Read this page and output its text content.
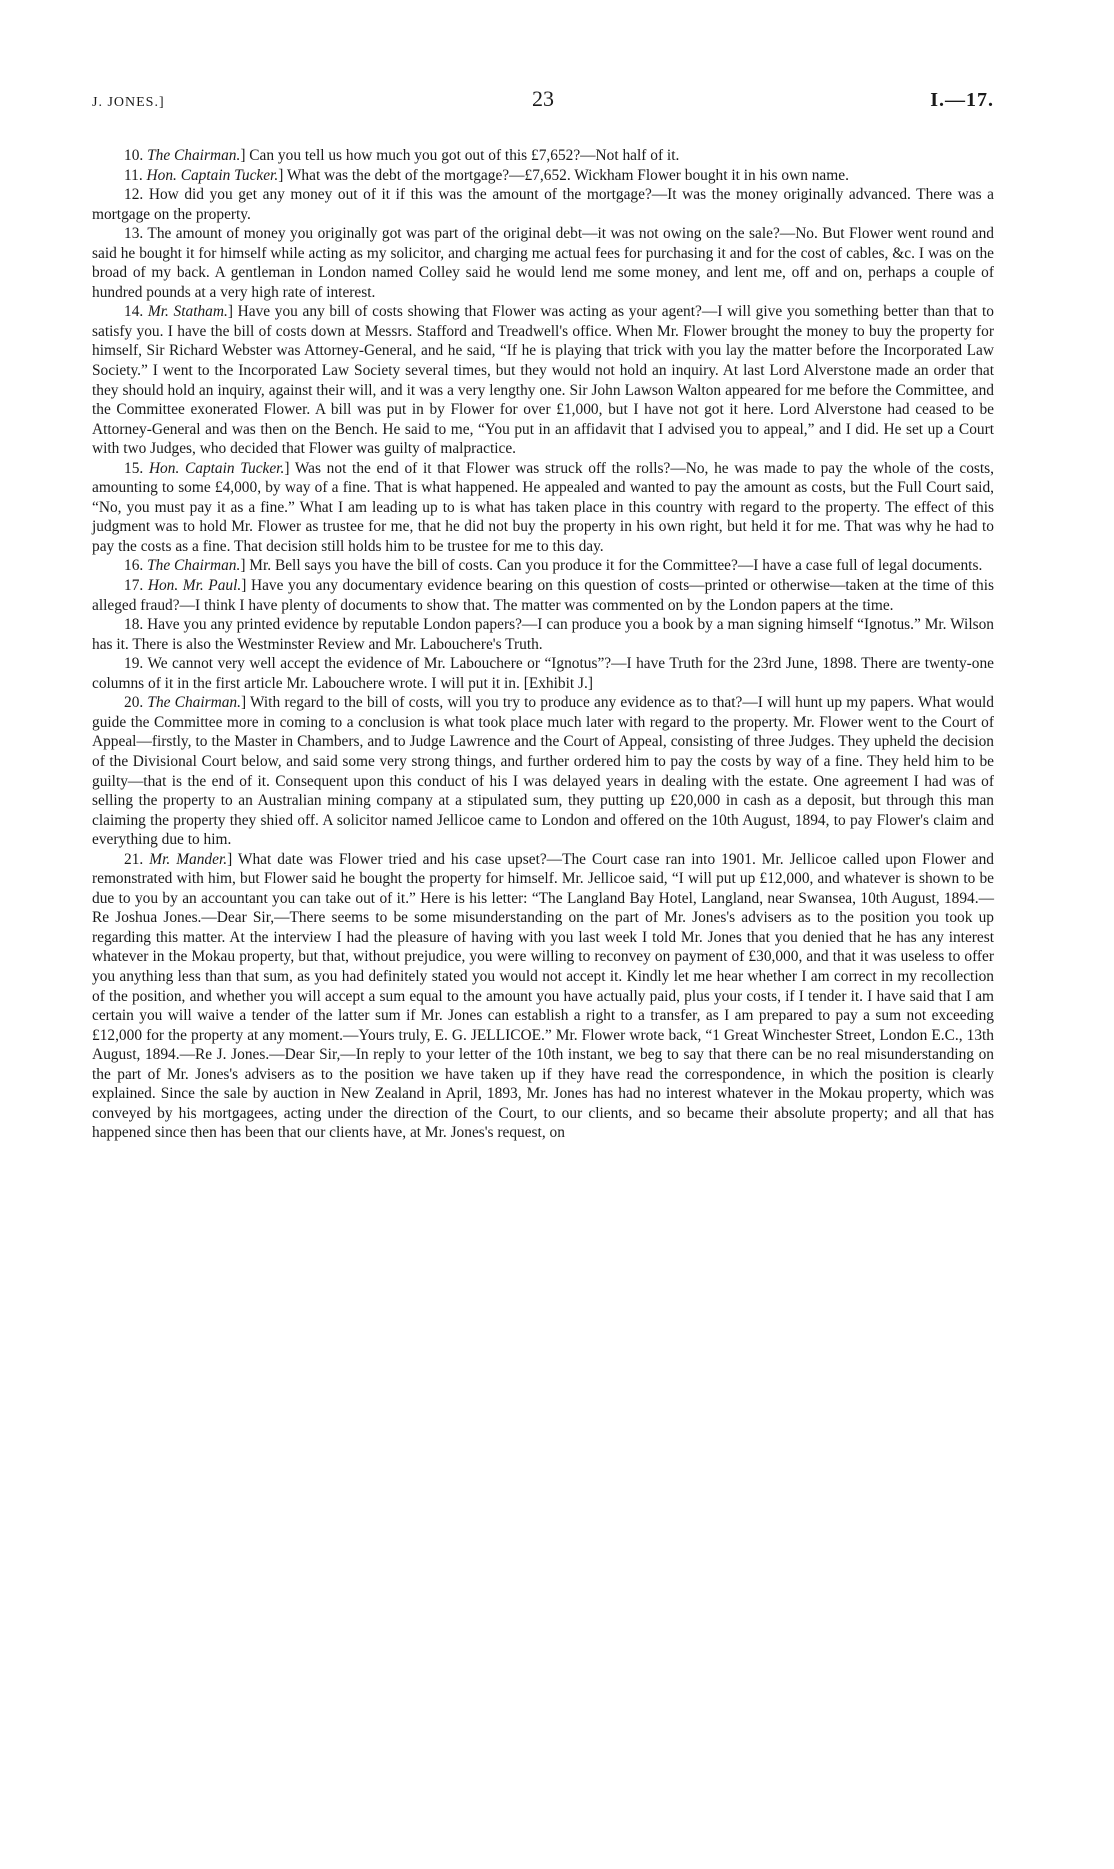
J. JONES.]	23	I.—17.

10. The Chairman.] Can you tell us how much you got out of this £7,652?—Not half of it.

11. Hon. Captain Tucker.] What was the debt of the mortgage?—£7,652. Wickham Flower bought it in his own name.

12. How did you get any money out of it if this was the amount of the mortgage?—It was the money originally advanced. There was a mortgage on the property.

13. The amount of money you originally got was part of the original debt—it was not owing on the sale?—No. But Flower went round and said he bought it for himself while acting as my solicitor, and charging me actual fees for purchasing it and for the cost of cables, &c. I was on the broad of my back. A gentleman in London named Colley said he would lend me some money, and lent me, off and on, perhaps a couple of hundred pounds at a very high rate of interest.

14. Mr. Statham.] Have you any bill of costs showing that Flower was acting as your agent?—I will give you something better than that to satisfy you. I have the bill of costs down at Messrs. Stafford and Treadwell's office. When Mr. Flower brought the money to buy the property for himself, Sir Richard Webster was Attorney-General, and he said, “If he is playing that trick with you lay the matter before the Incorporated Law Society.” I went to the Incorporated Law Society several times, but they would not hold an inquiry. At last Lord Alverstone made an order that they should hold an inquiry, against their will, and it was a very lengthy one. Sir John Lawson Walton appeared for me before the Committee, and the Committee exonerated Flower. A bill was put in by Flower for over £1,000, but I have not got it here. Lord Alverstone had ceased to be Attorney-General and was then on the Bench. He said to me, “You put in an affidavit that I advised you to appeal,” and I did. He set up a Court with two Judges, who decided that Flower was guilty of malpractice.

15. Hon. Captain Tucker.] Was not the end of it that Flower was struck off the rolls?—No, he was made to pay the whole of the costs, amounting to some £4,000, by way of a fine. That is what happened. He appealed and wanted to pay the amount as costs, but the Full Court said, “No, you must pay it as a fine.” What I am leading up to is what has taken place in this country with regard to the property. The effect of this judgment was to hold Mr. Flower as trustee for me, that he did not buy the property in his own right, but held it for me. That was why he had to pay the costs as a fine. That decision still holds him to be trustee for me to this day.

16. The Chairman.] Mr. Bell says you have the bill of costs. Can you produce it for the Committee?—I have a case full of legal documents.

17. Hon. Mr. Paul.] Have you any documentary evidence bearing on this question of costs—printed or otherwise—taken at the time of this alleged fraud?—I think I have plenty of documents to show that. The matter was commented on by the London papers at the time.

18. Have you any printed evidence by reputable London papers?—I can produce you a book by a man signing himself “Ignotus.” Mr. Wilson has it. There is also the Westminster Review and Mr. Labouchere's Truth.

19. We cannot very well accept the evidence of Mr. Labouchere or “Ignotus”?—I have Truth for the 23rd June, 1898. There are twenty-one columns of it in the first article Mr. Labouchere wrote. I will put it in. [Exhibit J.]

20. The Chairman.] With regard to the bill of costs, will you try to produce any evidence as to that?—I will hunt up my papers. What would guide the Committee more in coming to a conclusion is what took place much later with regard to the property. Mr. Flower went to the Court of Appeal—firstly, to the Master in Chambers, and to Judge Lawrence and the Court of Appeal, consisting of three Judges. They upheld the decision of the Divisional Court below, and said some very strong things, and further ordered him to pay the costs by way of a fine. They held him to be guilty—that is the end of it. Consequent upon this conduct of his I was delayed years in dealing with the estate. One agreement I had was of selling the property to an Australian mining company at a stipulated sum, they putting up £20,000 in cash as a deposit, but through this man claiming the property they shied off. A solicitor named Jellicoe came to London and offered on the 10th August, 1894, to pay Flower's claim and everything due to him.

21. Mr. Mander.] What date was Flower tried and his case upset?—The Court case ran into 1901. Mr. Jellicoe called upon Flower and remonstrated with him, but Flower said he bought the property for himself. Mr. Jellicoe said, “I will put up £12,000, and whatever is shown to be due to you by an accountant you can take out of it.” Here is his letter: “The Langland Bay Hotel, Langland, near Swansea, 10th August, 1894.—Re Joshua Jones.—Dear Sir,—There seems to be some misunderstanding on the part of Mr. Jones's advisers as to the position you took up regarding this matter. At the interview I had the pleasure of having with you last week I told Mr. Jones that you denied that he has any interest whatever in the Mokau property, but that, without prejudice, you were willing to reconvey on payment of £30,000, and that it was useless to offer you anything less than that sum, as you had definitely stated you would not accept it. Kindly let me hear whether I am correct in my recollection of the position, and whether you will accept a sum equal to the amount you have actually paid, plus your costs, if I tender it. I have said that I am certain you will waive a tender of the latter sum if Mr. Jones can establish a right to a transfer, as I am prepared to pay a sum not exceeding £12,000 for the property at any moment.—Yours truly, E. G. JELLICOE.” Mr. Flower wrote back, “1 Great Winchester Street, London E.C., 13th August, 1894.—Re J. Jones.—Dear Sir,—In reply to your letter of the 10th instant, we beg to say that there can be no real misunderstanding on the part of Mr. Jones's advisers as to the position we have taken up if they have read the correspondence, in which the position is clearly explained. Since the sale by auction in New Zealand in April, 1893, Mr. Jones has had no interest whatever in the Mokau property, which was conveyed by his mortgagees, acting under the direction of the Court, to our clients, and so became their absolute property; and all that has happened since then has been that our clients have, at Mr. Jones's request, on
